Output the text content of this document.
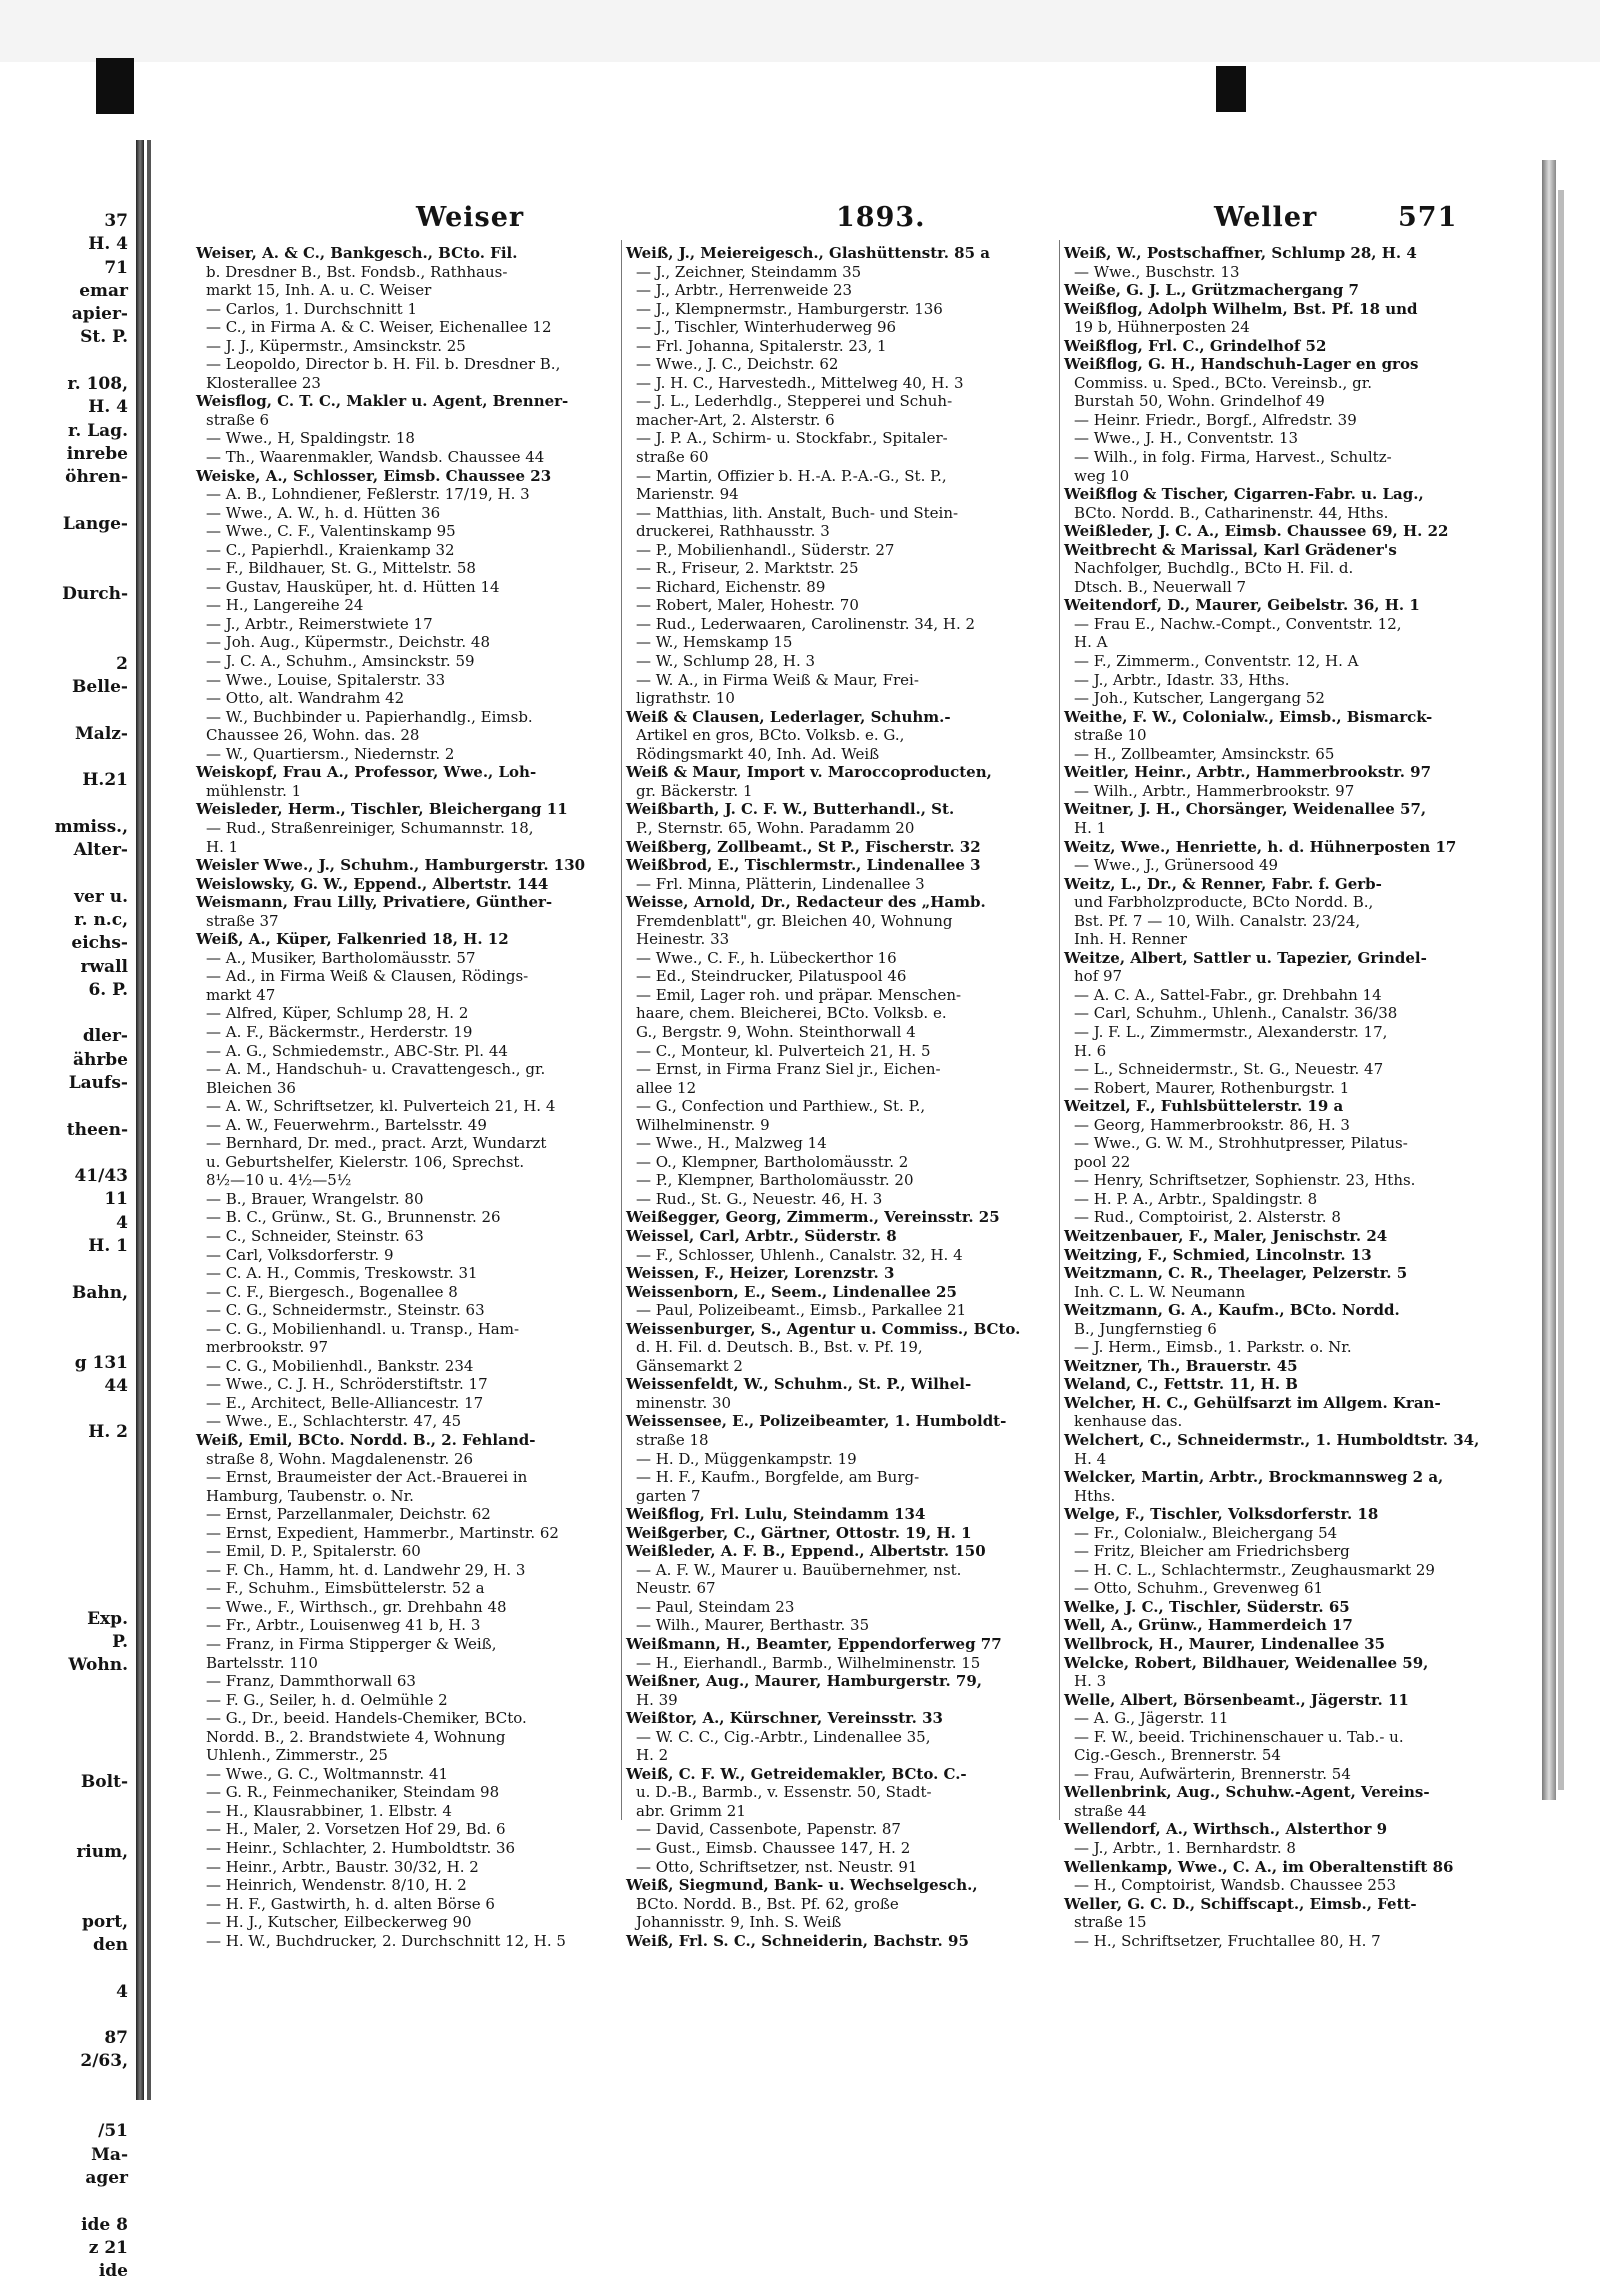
37
H. 4
71
emar
apier-
St. P.
r. 108,
H. 4
r. Lag.
inrebe
öhren-
Lange-
Durch-
2
Belle-
Malz-
H.21
mmiss.,
Alter-
ver u.
r. n.c,
eichs-
rwall
6. P.
dler-
ährbe
Laufs-
theen-
41/43
11
4
H. 1
Bahn,
g 131
44
H. 2
Exp.
P.
Wohn.
Bolt-
rium,
port,
den
4
87
2/63,
/51
Ma-
ager
ide 8
z 21
ide
Weiser	1893.	Weller	571
Weiser, A. & C., Bankgesch., BCto. Fil.
b. Dresdner B., Bst. Fondsb., Rathhaus-
markt 15, Inh. A. u. C. Weiser
— Carlos, 1. Durchschnitt 1
— C., in Firma A. & C. Weiser, Eichenallee 12
— J. J., Küpermstr., Amsinckstr. 25
— Leopoldo, Director b. H. Fil. b. Dresdner B.,
Klosterallee 23
Weisflog, C. T. C., Makler u. Agent, Brenner-
straße 6
— Wwe., H, Spaldingstr. 18
— Th., Waarenmakler, Wandsb. Chaussee 44
Weiske, A., Schlosser, Eimsb. Chaussee 23
— A. B., Lohndiener, Feßlerstr. 17/19, H. 3
— Wwe., A. W., h. d. Hütten 36
— Wwe., C. F., Valentinskamp 95
— C., Papierhdl., Kraienkamp 32
— F., Bildhauer, St. G., Mittelstr. 58
— Gustav, Hausküper, ht. d. Hütten 14
— H., Langereihe 24
— J., Arbtr., Reimerstwiete 17
— Joh. Aug., Küpermstr., Deichstr. 48
— J. C. A., Schuhm., Amsinckstr. 59
— Wwe., Louise, Spitalerstr. 33
— Otto, alt. Wandrahm 42
— W., Buchbinder u. Papierhandlg., Eimsb.
Chaussee 26, Wohn. das. 28
— W., Quartiersm., Niedernstr. 2
Weiskopf, Frau A., Professor, Wwe., Loh-
mühlenstr. 1
Weisleder, Herm., Tischler, Bleichergang 11
— Rud., Straßenreiniger, Schumannstr. 18,
H. 1
Weisler Wwe., J., Schuhm., Hamburgerstr. 130
Weislowsky, G. W., Eppend., Albertstr. 144
Weismann, Frau Lilly, Privatiere, Günther-
straße 37
Weiß, A., Küper, Falkenried 18, H. 12
— A., Musiker, Bartholomäusstr. 57
— Ad., in Firma Weiß & Clausen, Rödings-
markt 47
— Alfred, Küper, Schlump 28, H. 2
— A. F., Bäckermstr., Herderstr. 19
— A. G., Schmiedemstr., ABC-Str. Pl. 44
— A. M., Handschuh- u. Cravattengesch., gr.
Bleichen 36
— A. W., Schriftsetzer, kl. Pulverteich 21, H. 4
— A. W., Feuerwehrm., Bartelsstr. 49
— Bernhard, Dr. med., pract. Arzt, Wundarzt
u. Geburtshelfer, Kielerstr. 106, Sprechst.
8½—10 u. 4½—5½
— B., Brauer, Wrangelstr. 80
— B. C., Grünw., St. G., Brunnenstr. 26
— C., Schneider, Steinstr. 63
— Carl, Volksdorferstr. 9
— C. A. H., Commis, Treskowstr. 31
— C. F., Biergesch., Bogenallee 8
— C. G., Schneidermstr., Steinstr. 63
— C. G., Mobilienhandl. u. Transp., Ham-
merbrookstr. 97
— C. G., Mobilienhdl., Bankstr. 234
— Wwe., C. J. H., Schröderstiftstr. 17
— E., Architect, Belle-Alliancestr. 17
— Wwe., E., Schlachterstr. 47, 45
Weiß, Emil, BCto. Nordd. B., 2. Fehland-
straße 8, Wohn. Magdalenenstr. 26
— Ernst, Braumeister der Act.-Brauerei in
Hamburg, Taubenstr. o. Nr.
— Ernst, Parzellanmaler, Deichstr. 62
— Ernst, Expedient, Hammerbr., Martinstr. 62
— Emil, D. P., Spitalerstr. 60
— F. Ch., Hamm, ht. d. Landwehr 29, H. 3
— F., Schuhm., Eimsbüttelerstr. 52 a
— Wwe., F., Wirthsch., gr. Drehbahn 48
— Fr., Arbtr., Louisenweg 41 b, H. 3
— Franz, in Firma Stipperger & Weiß,
Bartelsstr. 110
— Franz, Dammthorwall 63
— F. G., Seiler, h. d. Oelmühle 2
— G., Dr., beeid. Handels-Chemiker, BCto.
Nordd. B., 2. Brandstwiete 4, Wohnung
Uhlenh., Zimmerstr., 25
— Wwe., G. C., Woltmannstr. 41
— G. R., Feinmechaniker, Steindam 98
— H., Klausrabbiner, 1. Elbstr. 4
— H., Maler, 2. Vorsetzen Hof 29, Bd. 6
— Heinr., Schlachter, 2. Humboldtstr. 36
— Heinr., Arbtr., Baustr. 30/32, H. 2
— Heinrich, Wendenstr. 8/10, H. 2
— H. F., Gastwirth, h. d. alten Börse 6
— H. J., Kutscher, Eilbeckerweg 90
— H. W., Buchdrucker, 2. Durchschnitt 12, H. 5
Weiß, J., Meiereigesch., Glashüttenstr. 85 a
— J., Zeichner, Steindamm 35
— J., Arbtr., Herrenweide 23
— J., Klempnermstr., Hamburgerstr. 136
— J., Tischler, Winterhuderweg 96
— Frl. Johanna, Spitalerstr. 23, 1
— Wwe., J. C., Deichstr. 62
— J. H. C., Harvestedh., Mittelweg 40, H. 3
— J. L., Lederhdlg., Stepperei und Schuh-
macher-Art, 2. Alsterstr. 6
— J. P. A., Schirm- u. Stockfabr., Spitaler-
straße 60
— Martin, Offizier b. H.-A. P.-A.-G., St. P.,
Marienstr. 94
— Matthias, lith. Anstalt, Buch- und Stein-
druckerei, Rathhausstr. 3
— P., Mobilienhandl., Süderstr. 27
— R., Friseur, 2. Marktstr. 25
— Richard, Eichenstr. 89
— Robert, Maler, Hohestr. 70
— Rud., Lederwaaren, Carolinenstr. 34, H. 2
— W., Hemskamp 15
— W., Schlump 28, H. 3
— W. A., in Firma Weiß & Maur, Frei-
ligrathstr. 10
Weiß & Clausen, Lederlager, Schuhm.-
Artikel en gros, BCto. Volksb. e. G.,
Rödingsmarkt 40, Inh. Ad. Weiß
Weiß & Maur, Import v. Maroccoproducten,
gr. Bäckerstr. 1
Weißbarth, J. C. F. W., Butterhandl., St.
P., Sternstr. 65, Wohn. Paradamm 20
Weißberg, Zollbeamt., St P., Fischerstr. 32
Weißbrod, E., Tischlermstr., Lindenallee 3
— Frl. Minna, Plätterin, Lindenallee 3
Weisse, Arnold, Dr., Redacteur des „Hamb.
Fremdenblatt", gr. Bleichen 40, Wohnung
Heinestr. 33
— Wwe., C. F., h. Lübeckerthor 16
— Ed., Steindrucker, Pilatuspool 46
— Emil, Lager roh. und präpar. Menschen-
haare, chem. Bleicherei, BCto. Volksb. e.
G., Bergstr. 9, Wohn. Steinthorwall 4
— C., Monteur, kl. Pulverteich 21, H. 5
— Ernst, in Firma Franz Siel jr., Eichen-
allee 12
— G., Confection und Parthiew., St. P.,
Wilhelminenstr. 9
— Wwe., H., Malzweg 14
— O., Klempner, Bartholomäusstr. 2
— P., Klempner, Bartholomäusstr. 20
— Rud., St. G., Neuestr. 46, H. 3
Weißegger, Georg, Zimmerm., Vereinsstr. 25
Weissel, Carl, Arbtr., Süderstr. 8
— F., Schlosser, Uhlenh., Canalstr. 32, H. 4
Weissen, F., Heizer, Lorenzstr. 3
Weissenborn, E., Seem., Lindenallee 25
— Paul, Polizeibeamt., Eimsb., Parkallee 21
Weissenburger, S., Agentur u. Commiss., BCto.
d. H. Fil. d. Deutsch. B., Bst. v. Pf. 19,
Gänsemarkt 2
Weissenfeldt, W., Schuhm., St. P., Wilhel-
minenstr. 30
Weissensee, E., Polizeibeamter, 1. Humboldt-
straße 18
— H. D., Müggenkampstr. 19
— H. F., Kaufm., Borgfelde, am Burg-
garten 7
Weißflog, Frl. Lulu, Steindamm 134
Weißgerber, C., Gärtner, Ottostr. 19, H. 1
Weißleder, A. F. B., Eppend., Albertstr. 150
— A. F. W., Maurer u. Bauübernehmer, nst.
Neustr. 67
— Paul, Steindam 23
— Wilh., Maurer, Berthastr. 35
Weißmann, H., Beamter, Eppendorferweg 77
— H., Eierhandl., Barmb., Wilhelminenstr. 15
Weißner, Aug., Maurer, Hamburgerstr. 79,
H. 39
Weißtor, A., Kürschner, Vereinsstr. 33
— W. C. C., Cig.-Arbtr., Lindenallee 35,
H. 2
Weiß, C. F. W., Getreidemakler, BCto. C.-
u. D.-B., Barmb., v. Essenstr. 50, Stadt-
abr. Grimm 21
— David, Cassenbote, Papenstr. 87
— Gust., Eimsb. Chaussee 147, H. 2
— Otto, Schriftsetzer, nst. Neustr. 91
Weiß, Siegmund, Bank- u. Wechselgesch.,
BCto. Nordd. B., Bst. Pf. 62, große
Johannisstr. 9, Inh. S. Weiß
Weiß, Frl. S. C., Schneiderin, Bachstr. 95
Weiß, W., Postschaffner, Schlump 28, H. 4
— Wwe., Buschstr. 13
Weiße, G. J. L., Grützmachergang 7
Weißflog, Adolph Wilhelm, Bst. Pf. 18 und
19 b, Hühnerposten 24
Weißflog, Frl. C., Grindelhof 52
Weißflog, G. H., Handschuh-Lager en gros
Commiss. u. Sped., BCto. Vereinsb., gr.
Burstah 50, Wohn. Grindelhof 49
— Heinr. Friedr., Borgf., Alfredstr. 39
— Wwe., J. H., Conventstr. 13
— Wilh., in folg. Firma, Harvest., Schultz-
weg 10
Weißflog & Tischer, Cigarren-Fabr. u. Lag.,
BCto. Nordd. B., Catharinenstr. 44, Hths.
Weißleder, J. C. A., Eimsb. Chaussee 69, H. 22
Weitbrecht & Marissal, Karl Grädener's
Nachfolger, Buchdlg., BCto H. Fil. d.
Dtsch. B., Neuerwall 7
Weitendorf, D., Maurer, Geibelstr. 36, H. 1
— Frau E., Nachw.-Compt., Conventstr. 12,
H. A
— F., Zimmerm., Conventstr. 12, H. A
— J., Arbtr., Idastr. 33, Hths.
— Joh., Kutscher, Langergang 52
Weithe, F. W., Colonialw., Eimsb., Bismarck-
straße 10
— H., Zollbeamter, Amsinckstr. 65
Weitler, Heinr., Arbtr., Hammerbrookstr. 97
— Wilh., Arbtr., Hammerbrookstr. 97
Weitner, J. H., Chorsänger, Weidenallee 57,
H. 1
Weitz, Wwe., Henriette, h. d. Hühnerposten 17
— Wwe., J., Grünersood 49
Weitz, L., Dr., & Renner, Fabr. f. Gerb-
und Farbholzproducte, BCto Nordd. B.,
Bst. Pf. 7 — 10, Wilh. Canalstr. 23/24,
Inh. H. Renner
Weitze, Albert, Sattler u. Tapezier, Grindel-
hof 97
— A. C. A., Sattel-Fabr., gr. Drehbahn 14
— Carl, Schuhm., Uhlenh., Canalstr. 36/38
— J. F. L., Zimmermstr., Alexanderstr. 17,
H. 6
— L., Schneidermstr., St. G., Neuestr. 47
— Robert, Maurer, Rothenburgstr. 1
Weitzel, F., Fuhlsbüttelerstr. 19 a
— Georg, Hammerbrookstr. 86, H. 3
— Wwe., G. W. M., Strohhutpresser, Pilatus-
pool 22
— Henry, Schriftsetzer, Sophienstr. 23, Hths.
— H. P. A., Arbtr., Spaldingstr. 8
— Rud., Comptoirist, 2. Alsterstr. 8
Weitzenbauer, F., Maler, Jenischstr. 24
Weitzing, F., Schmied, Lincolnstr. 13
Weitzmann, C. R., Theelager, Pelzerstr. 5
Inh. C. L. W. Neumann
Weitzmann, G. A., Kaufm., BCto. Nordd.
B., Jungfernstieg 6
— J. Herm., Eimsb., 1. Parkstr. o. Nr.
Weitzner, Th., Brauerstr. 45
Weland, C., Fettstr. 11, H. B
Welcher, H. C., Gehülfsarzt im Allgem. Kran-
kenhause das.
Welchert, C., Schneidermstr., 1. Humboldtstr. 34,
H. 4
Welcker, Martin, Arbtr., Brockmannsweg 2 a,
Hths.
Welge, F., Tischler, Volksdorferstr. 18
— Fr., Colonialw., Bleichergang 54
— Fritz, Bleicher am Friedrichsberg
— H. C. L., Schlachtermstr., Zeughausmarkt 29
— Otto, Schuhm., Grevenweg 61
Welke, J. C., Tischler, Süderstr. 65
Well, A., Grünw., Hammerdeich 17
Wellbrock, H., Maurer, Lindenallee 35
Welcke, Robert, Bildhauer, Weidenallee 59,
H. 3
Welle, Albert, Börsenbeamt., Jägerstr. 11
— A. G., Jägerstr. 11
— F. W., beeid. Trichinenschauer u. Tab.- u.
Cig.-Gesch., Brennerstr. 54
— Frau, Aufwärterin, Brennerstr. 54
Wellenbrink, Aug., Schuhw.-Agent, Vereins-
straße 44
Wellendorf, A., Wirthsch., Alsterthor 9
— J., Arbtr., 1. Bernhardstr. 8
Wellenkamp, Wwe., C. A., im Oberaltenstift 86
— H., Comptoirist, Wandsb. Chaussee 253
Weller, G. C. D., Schiffscapt., Eimsb., Fett-
straße 15
— H., Schriftsetzer, Fruchtallee 80, H. 7
